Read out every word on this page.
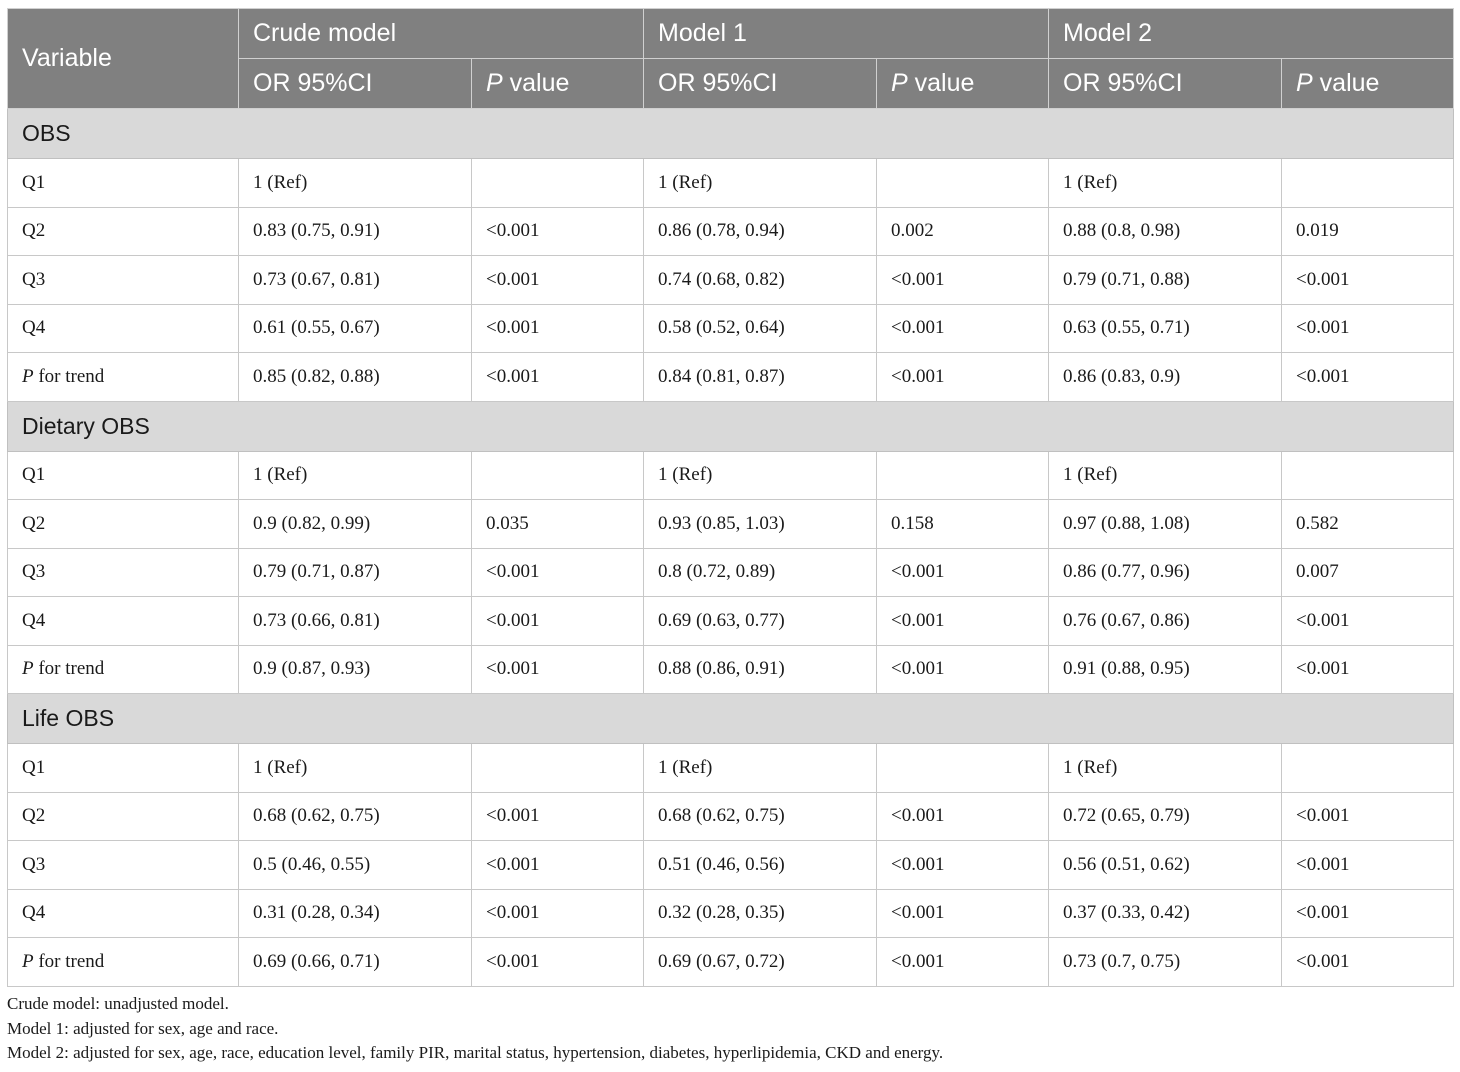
Variable	Crude model		Model 1		Model 2	
	OR 95%CI	P value	OR 95%CI	P value	OR 95%CI	P value
OBS						
Q1	1 (Ref)		1 (Ref)		1 (Ref)	
Q2	0.83 (0.75, 0.91)	<0.001	0.86 (0.78, 0.94)	0.002	0.88 (0.8, 0.98)	0.019
Q3	0.73 (0.67, 0.81)	<0.001	0.74 (0.68, 0.82)	<0.001	0.79 (0.71, 0.88)	<0.001
Q4	0.61 (0.55, 0.67)	<0.001	0.58 (0.52, 0.64)	<0.001	0.63 (0.55, 0.71)	<0.001
P for trend	0.85 (0.82, 0.88)	<0.001	0.84 (0.81, 0.87)	<0.001	0.86 (0.83, 0.9)	<0.001
Dietary OBS						
Q1	1 (Ref)		1 (Ref)		1 (Ref)	
Q2	0.9 (0.82, 0.99)	0.035	0.93 (0.85, 1.03)	0.158	0.97 (0.88, 1.08)	0.582
Q3	0.79 (0.71, 0.87)	<0.001	0.8 (0.72, 0.89)	<0.001	0.86 (0.77, 0.96)	0.007
Q4	0.73 (0.66, 0.81)	<0.001	0.69 (0.63, 0.77)	<0.001	0.76 (0.67, 0.86)	<0.001
P for trend	0.9 (0.87, 0.93)	<0.001	0.88 (0.86, 0.91)	<0.001	0.91 (0.88, 0.95)	<0.001
Life OBS						
Q1	1 (Ref)		1 (Ref)		1 (Ref)	
Q2	0.68 (0.62, 0.75)	<0.001	0.68 (0.62, 0.75)	<0.001	0.72 (0.65, 0.79)	<0.001
Q3	0.5 (0.46, 0.55)	<0.001	0.51 (0.46, 0.56)	<0.001	0.56 (0.51, 0.62)	<0.001
Q4	0.31 (0.28, 0.34)	<0.001	0.32 (0.28, 0.35)	<0.001	0.37 (0.33, 0.42)	<0.001
P for trend	0.69 (0.66, 0.71)	<0.001	0.69 (0.67, 0.72)	<0.001	0.73 (0.7, 0.75)	<0.001
Crude model: unadjusted model.
Model 1: adjusted for sex, age and race.
Model 2: adjusted for sex, age, race, education level, family PIR, marital status, hypertension, diabetes, hyperlipidemia, CKD and energy.
